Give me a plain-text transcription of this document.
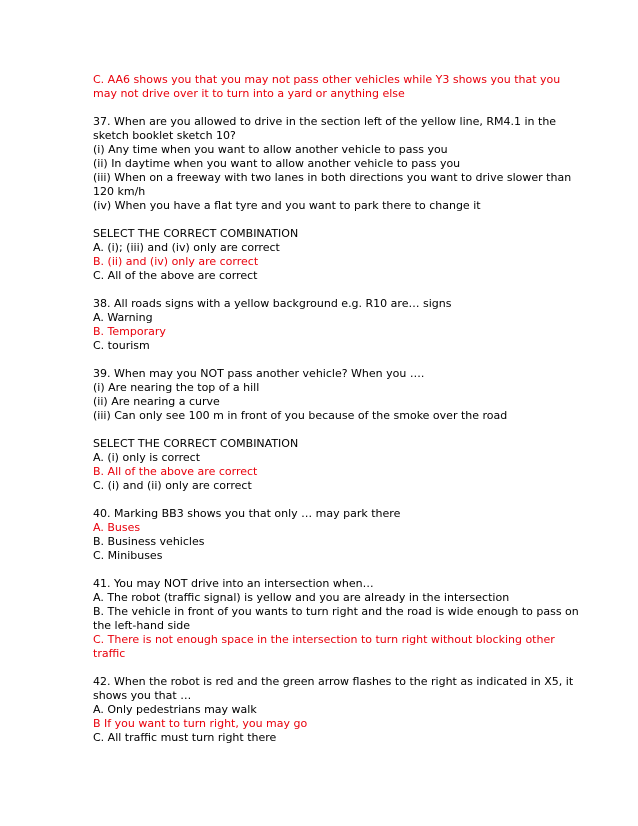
C. AA6 shows you that you may not pass other vehicles while Y3 shows you that you
may not drive over it to turn into a yard or anything else
37. When are you allowed to drive in the section left of the yellow line, RM4.1 in the
sketch booklet sketch 10?
(i) Any time when you want to allow another vehicle to pass you
(ii) In daytime when you want to allow another vehicle to pass you
(iii) When on a freeway with two lanes in both directions you want to drive slower than
120 km/h
(iv) When you have a flat tyre and you want to park there to change it
SELECT THE CORRECT COMBINATION
A. (i); (iii) and (iv) only are correct
B. (ii) and (iv) only are correct
C. All of the above are correct
38. All roads signs with a yellow background e.g. R10 are… signs
A. Warning
B. Temporary
C. tourism
39. When may you NOT pass another vehicle? When you ….
(i) Are nearing the top of a hill
(ii) Are nearing a curve
(iii) Can only see 100 m in front of you because of the smoke over the road
SELECT THE CORRECT COMBINATION
A. (i) only is correct
B. All of the above are correct
C. (i) and (ii) only are correct
40. Marking BB3 shows you that only … may park there
A. Buses
B. Business vehicles
C. Minibuses
41. You may NOT drive into an intersection when…
A. The robot (traffic signal) is yellow and you are already in the intersection
B. The vehicle in front of you wants to turn right and the road is wide enough to pass on
the left-hand side
C. There is not enough space in the intersection to turn right without blocking other
traffic
42. When the robot is red and the green arrow flashes to the right as indicated in X5, it
shows you that …
A. Only pedestrians may walk
B If you want to turn right, you may go
C. All traffic must turn right there
